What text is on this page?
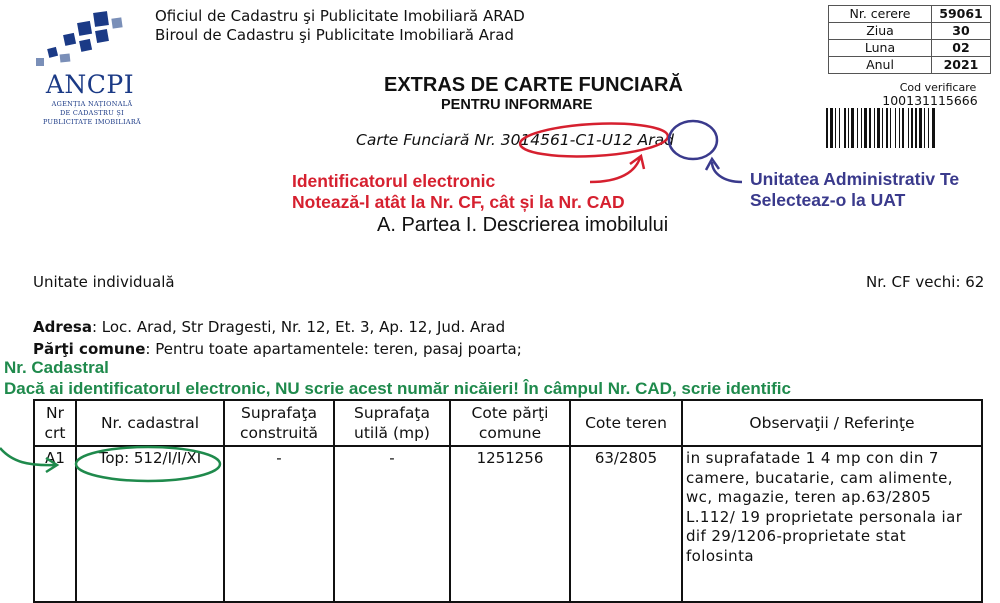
ANCPI
AGENȚIA NAȚIONALĂ
DE CADASTRU ȘI
PUBLICITATE IMOBILIARĂ
Oficiul de Cadastru şi Publicitate Imobiliară ARAD
Biroul de Cadastru şi Publicitate Imobiliară Arad
Nr. cerere	59061
Ziua	30
Luna	02
Anul	2021
Cod verificare
100131115666
EXTRAS DE CARTE FUNCIARĂ
PENTRU INFORMARE
Carte Funciară Nr. 3014561-C1-U12 Arad
Identificatorul electronic
Notează-l atât la Nr. CF, cât și la Nr. CAD
Unitatea Administrativ Te
Selecteaz-o la UAT
A. Partea I. Descrierea imobilului
Unitate individuală	Nr. CF vechi: 62
Adresa: Loc. Arad, Str Dragesti, Nr. 12, Et. 3, Ap. 12, Jud. Arad
Părţi comune: Pentru toate apartamentele: teren, pasaj poarta;
Nr. Cadastral
Dacă ai identificatorul electronic, NU scrie acest număr nicăieri! În câmpul Nr. CAD, scrie identific
Nr crt	Nr. cadastral	Suprafaţa construită	Suprafaţa utilă (mp)	Cote părţi comune	Cote teren	Observaţii / Referinţe
A1	Top: 512/I/I/XI	-	-	1251256	63/2805	in suprafatade 1 4 mp con din 7 camere, bucatarie, cam alimente, wc, magazie, teren ap.63/2805 L.112/ 19 proprietate personala iar dif 29/1206-proprietate stat folosinta
